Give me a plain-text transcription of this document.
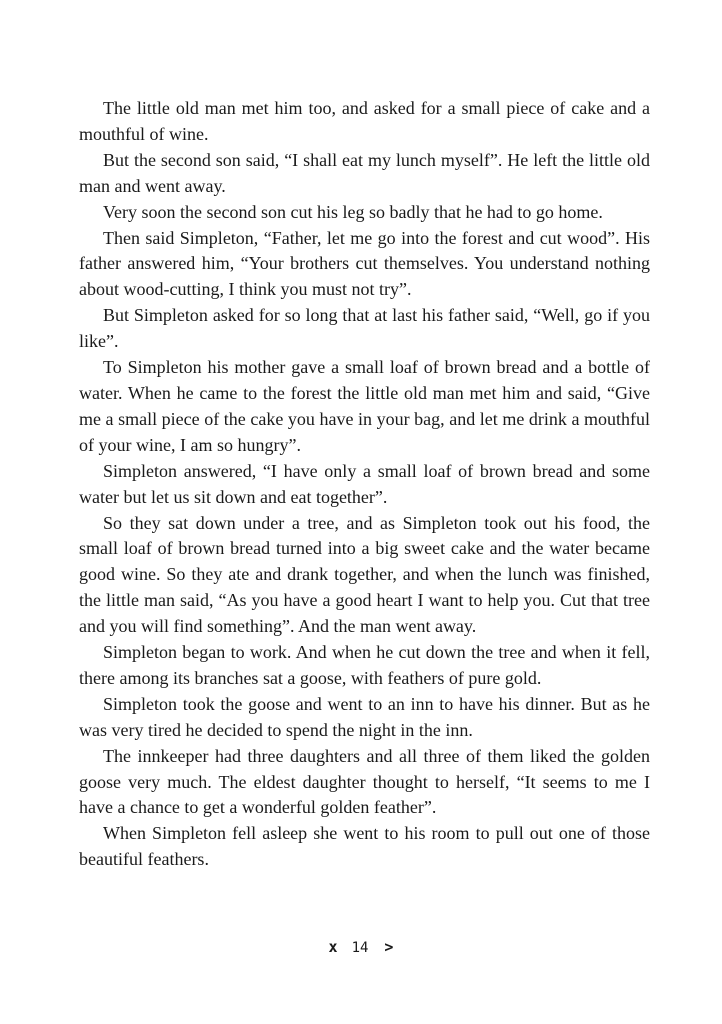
The little old man met him too, and asked for a small piece of cake and a mouthful of wine.

But the second son said, “I shall eat my lunch myself”. He left the little old man and went away.

Very soon the second son cut his leg so badly that he had to go home.

Then said Simpleton, “Father, let me go into the forest and cut wood”. His father answered him, “Your brothers cut themselves. You understand nothing about wood-cutting, I think you must not try”.

But Simpleton asked for so long that at last his father said, “Well, go if you like”.

To Simpleton his mother gave a small loaf of brown bread and a bottle of water. When he came to the forest the little old man met him and said, “Give me a small piece of the cake you have in your bag, and let me drink a mouthful of your wine, I am so hungry”.

Simpleton answered, “I have only a small loaf of brown bread and some water but let us sit down and eat together”.

So they sat down under a tree, and as Simpleton took out his food, the small loaf of brown bread turned into a big sweet cake and the water became good wine. So they ate and drank together, and when the lunch was finished, the little man said, “As you have a good heart I want to help you. Cut that tree and you will find something”. And the man went away.

Simpleton began to work. And when he cut down the tree and when it fell, there among its branches sat a goose, with feathers of pure gold.

Simpleton took the goose and went to an inn to have his dinner. But as he was very tired he decided to spend the night in the inn.

The innkeeper had three daughters and all three of them liked the golden goose very much. The eldest daughter thought to herself, “It seems to me I have a chance to get a wonderful golden feather”.

When Simpleton fell asleep she went to his room to pull out one of those beautiful feathers.

x 14 >
